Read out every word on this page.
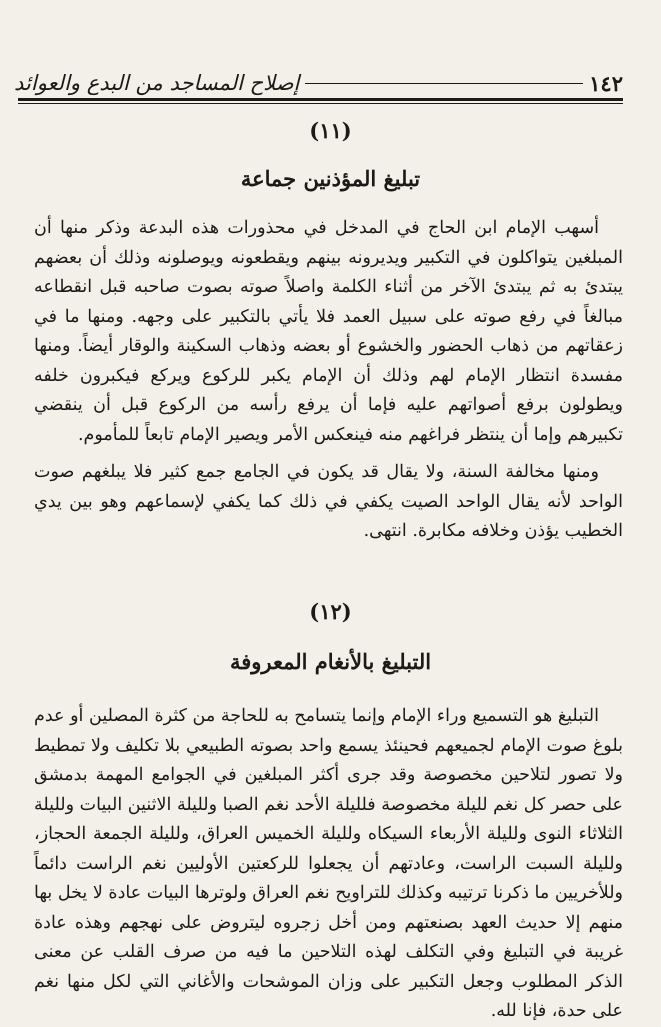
١٤٢
إصلاح المساجد من البدع والعوائد
(١١)
تبليغ المؤذنين جماعة

أسهب الإمام ابن الحاج في المدخل في محذورات هذه البدعة وذكر منها أن المبلغين يتواكلون في التكبير ويديرونه بينهم ويقطعونه ويوصلونه وذلك أن بعضهم يبتدئ به ثم يبتدئ الآخر من أثناء الكلمة واصلاً صوته بصوت صاحبه قبل انقطاعه مبالغاً في رفع صوته على سبيل العمد فلا يأتي بالتكبير على وجهه. ومنها ما في زعقاتهم من ذهاب الحضور والخشوع أو بعضه وذهاب السكينة والوقار أيضاً. ومنها مفسدة انتظار الإمام لهم وذلك أن الإمام يكبر للركوع ويركع فيكبرون خلفه ويطولون برفع أصواتهم عليه فإما أن يرفع رأسه من الركوع قبل أن ينقضي تكبيرهم وإما أن ينتظر فراغهم منه فينعكس الأمر ويصير الإمام تابعاً للمأموم.

ومنها مخالفة السنة، ولا يقال قد يكون في الجامع جمع كثير فلا يبلغهم صوت الواحد لأنه يقال الواحد الصيت يكفي في ذلك كما يكفي لإسماعهم وهو بين يدي الخطيب يؤذن وخلافه مكابرة. انتهى.

(١٢)
التبليغ بالأنغام المعروفة

التبليغ هو التسميع وراء الإمام وإنما يتسامح به للحاجة من كثرة المصلين أو عدم بلوغ صوت الإمام لجميعهم فحينئذ يسمع واحد بصوته الطبيعي بلا تكليف ولا تمطيط ولا تصور لتلاحين مخصوصة وقد جرى أكثر المبلغين في الجوامع المهمة بدمشق على حصر كل نغم لليلة مخصوصة فلليلة الأحد نغم الصبا ولليلة الاثنين البيات ولليلة الثلاثاء النوى ولليلة الأربعاء السيكاه ولليلة الخميس العراق، ولليلة الجمعة الحجاز، ولليلة السبت الراست، وعادتهم أن يجعلوا للركعتين الأوليين نغم الراست دائماً وللأخريين ما ذكرنا ترتيبه وكذلك للتراويح نغم العراق ولوترها البيات عادة لا يخل بها منهم إلا حديث العهد بصنعتهم ومن أخل زجروه ليتروض على نهجهم وهذه عادة غريبة في التبليغ وفي التكلف لهذه التلاحين ما فيه من صرف القلب عن معنى الذكر المطلوب وجعل التكبير على وزان الموشحات والأغاني التي لكل منها نغم على حدة، فإنا لله.
